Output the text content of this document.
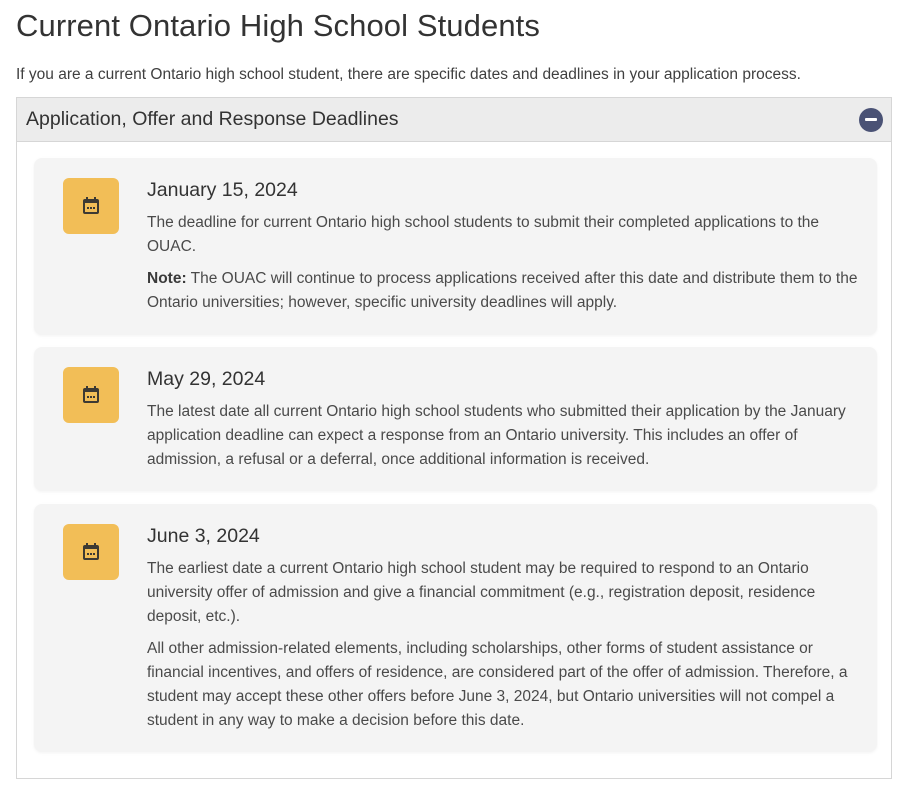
Current Ontario High School Students

If you are a current Ontario high school student, there are specific dates and deadlines in your application process.

Application, Offer and Response Deadlines

January 15, 2024

The deadline for current Ontario high school students to submit their completed applications to the OUAC.

Note: The OUAC will continue to process applications received after this date and distribute them to the Ontario universities; however, specific university deadlines will apply.

May 29, 2024

The latest date all current Ontario high school students who submitted their application by the January application deadline can expect a response from an Ontario university. This includes an offer of admission, a refusal or a deferral, once additional information is received.

June 3, 2024

The earliest date a current Ontario high school student may be required to respond to an Ontario university offer of admission and give a financial commitment (e.g., registration deposit, residence deposit, etc.).

All other admission-related elements, including scholarships, other forms of student assistance or financial incentives, and offers of residence, are considered part of the offer of admission. Therefore, a student may accept these other offers before June 3, 2024, but Ontario universities will not compel a student in any way to make a decision before this date.
